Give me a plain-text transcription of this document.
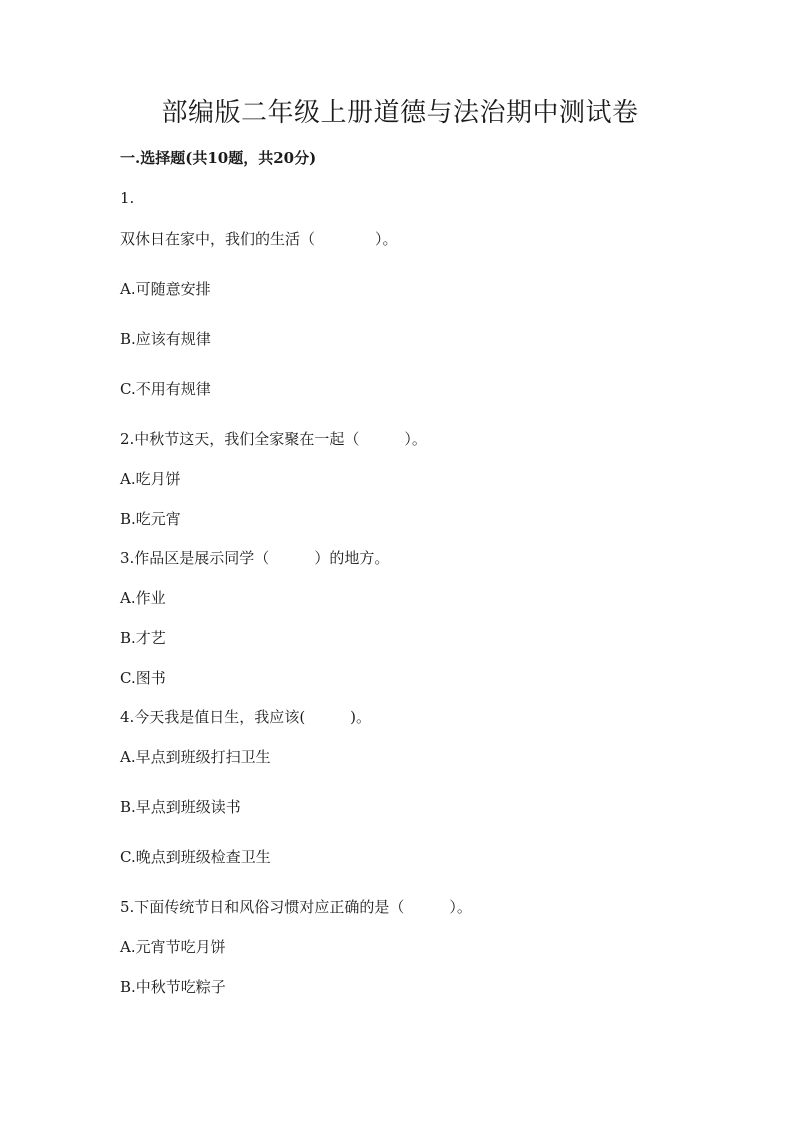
部编版二年级上册道德与法治期中测试卷

一.选择题(共10题，共20分)

1.

双休日在家中，我们的生活（　　　　）。

A.可随意安排

B.应该有规律

C.不用有规律

2.中秋节这天，我们全家聚在一起（　　　）。

A.吃月饼

B.吃元宵

3.作品区是展示同学（　　　）的地方。

A.作业

B.才艺

C.图书

4.今天我是值日生，我应该(　　　)。

A.早点到班级打扫卫生

B.早点到班级读书

C.晚点到班级检查卫生

5.下面传统节日和风俗习惯对应正确的是（　　　）。

A.元宵节吃月饼

B.中秋节吃粽子
